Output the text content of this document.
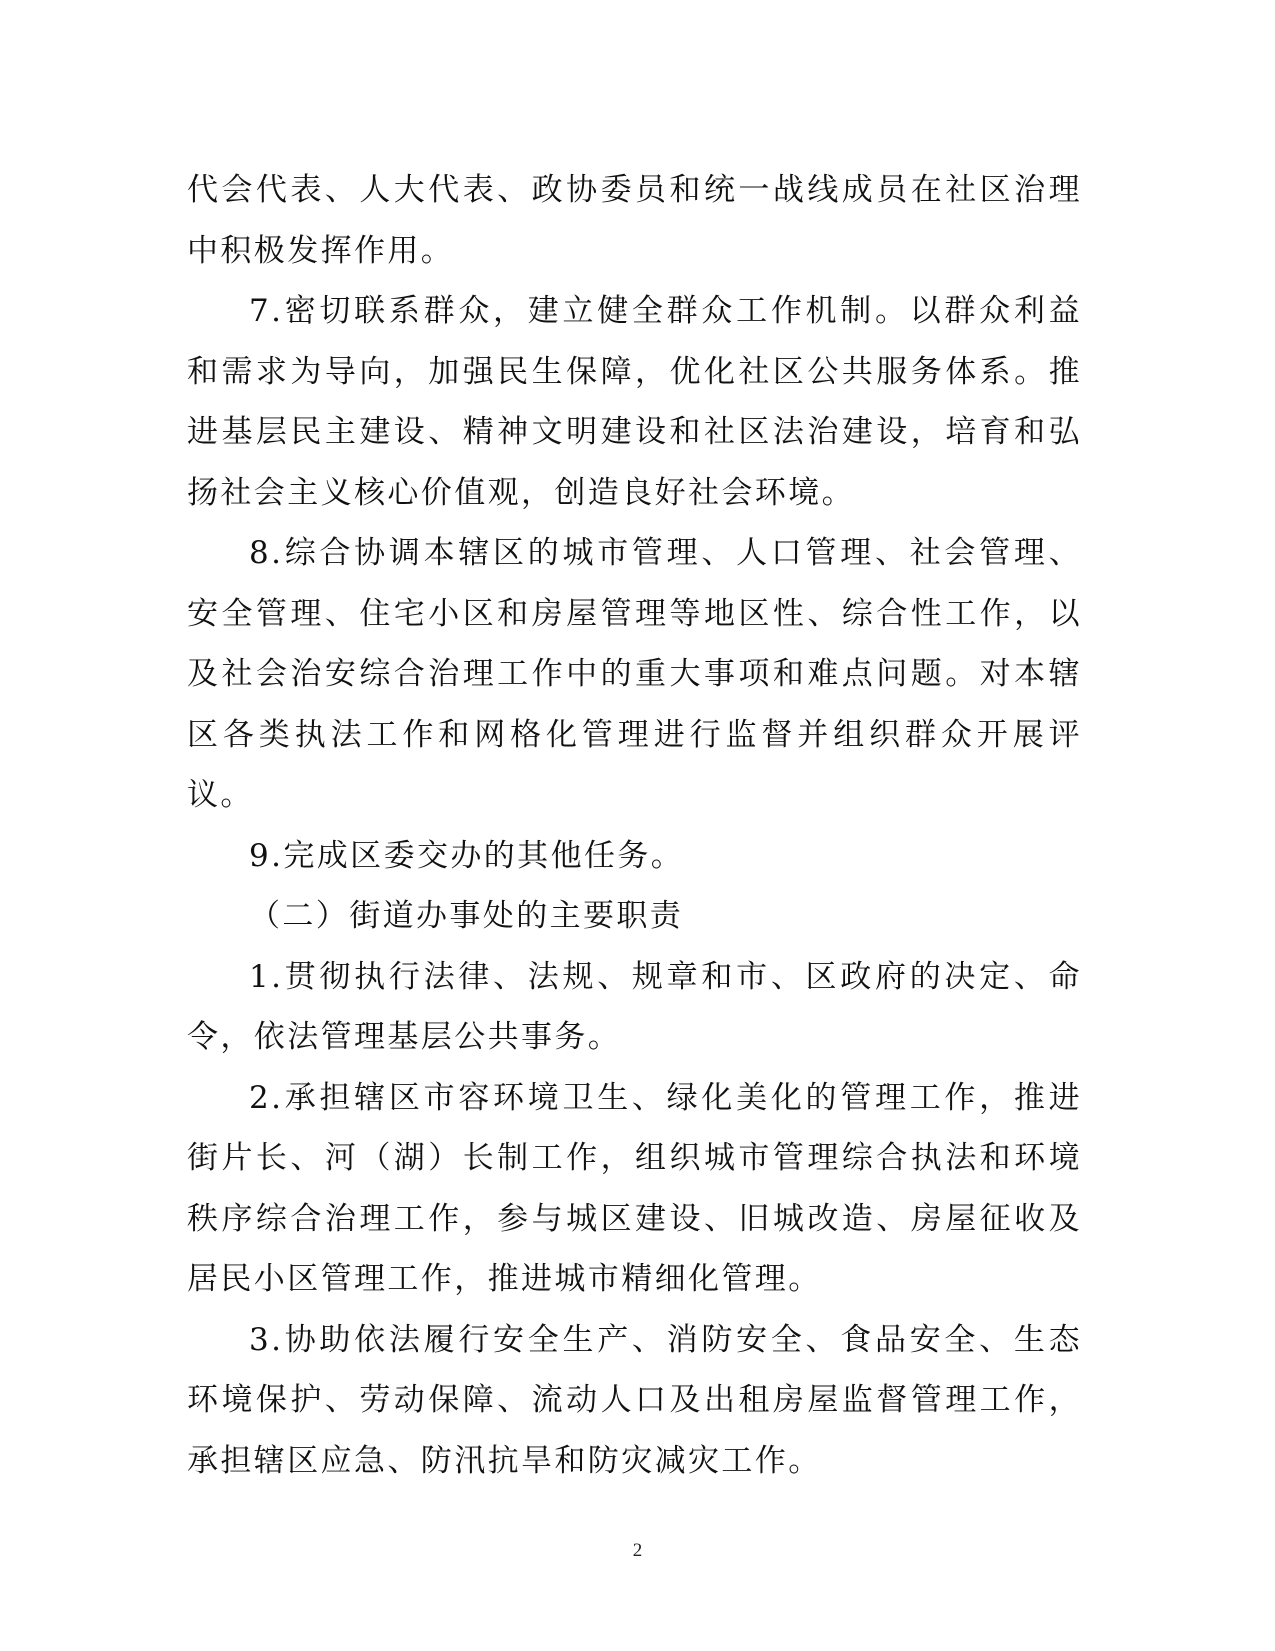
代会代表、人大代表、政协委员和统一战线成员在社区治理中积极发挥作用。

7.密切联系群众，建立健全群众工作机制。以群众利益和需求为导向，加强民生保障，优化社区公共服务体系。推进基层民主建设、精神文明建设和社区法治建设，培育和弘扬社会主义核心价值观，创造良好社会环境。

8.综合协调本辖区的城市管理、人口管理、社会管理、安全管理、住宅小区和房屋管理等地区性、综合性工作，以及社会治安综合治理工作中的重大事项和难点问题。对本辖区各类执法工作和网格化管理进行监督并组织群众开展评议。

9.完成区委交办的其他任务。

（二）街道办事处的主要职责

1.贯彻执行法律、法规、规章和市、区政府的决定、命令，依法管理基层公共事务。

2.承担辖区市容环境卫生、绿化美化的管理工作，推进街片长、河（湖）长制工作，组织城市管理综合执法和环境秩序综合治理工作，参与城区建设、旧城改造、房屋征收及居民小区管理工作，推进城市精细化管理。

3.协助依法履行安全生产、消防安全、食品安全、生态环境保护、劳动保障、流动人口及出租房屋监督管理工作，承担辖区应急、防汛抗旱和防灾减灾工作。

2
